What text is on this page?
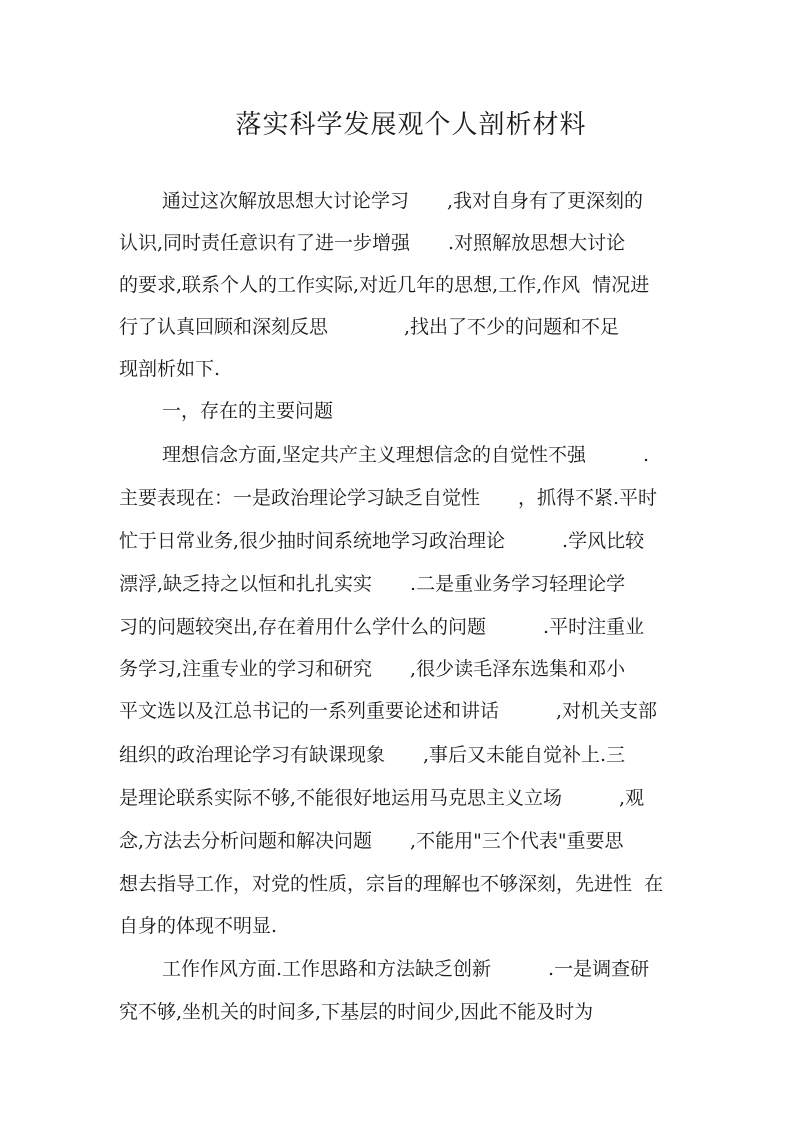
落实科学发展观个人剖析材料

通过这次解放思想大讨论学习　　,我对自身有了更深刻的

认识,同时责任意识有了进一步增强　　.对照解放思想大讨论

的要求,联系个人的工作实际,对近几年的思想,工作,作风  情况进

行了认真回顾和深刻反思　　　　,找出了不少的问题和不足

现剖析如下.

一，存在的主要问题

理想信念方面,坚定共产主义理想信念的自觉性不强　　　.

主要表现在：一是政治理论学习缺乏自觉性　　，抓得不紧.平时

忙于日常业务,很少抽时间系统地学习政治理论　　　.学风比较

漂浮,缺乏持之以恒和扎扎实实　　.二是重业务学习轻理论学

习的问题较突出,存在着用什么学什么的问题　　　.平时注重业

务学习,注重专业的学习和研究　　,很少读毛泽东选集和邓小

平文选以及江总书记的一系列重要论述和讲话　　　,对机关支部

组织的政治理论学习有缺课现象　　,事后又未能自觉补上.三

是理论联系实际不够,不能很好地运用马克思主义立场　　　,观

念,方法去分析问题和解决问题　　,不能用"三个代表"重要思

想去指导工作，对党的性质，宗旨的理解也不够深刻，先进性  在

自身的体现不明显.

工作作风方面.工作思路和方法缺乏创新　　　.一是调查研

究不够,坐机关的时间多,下基层的时间少,因此不能及时为
